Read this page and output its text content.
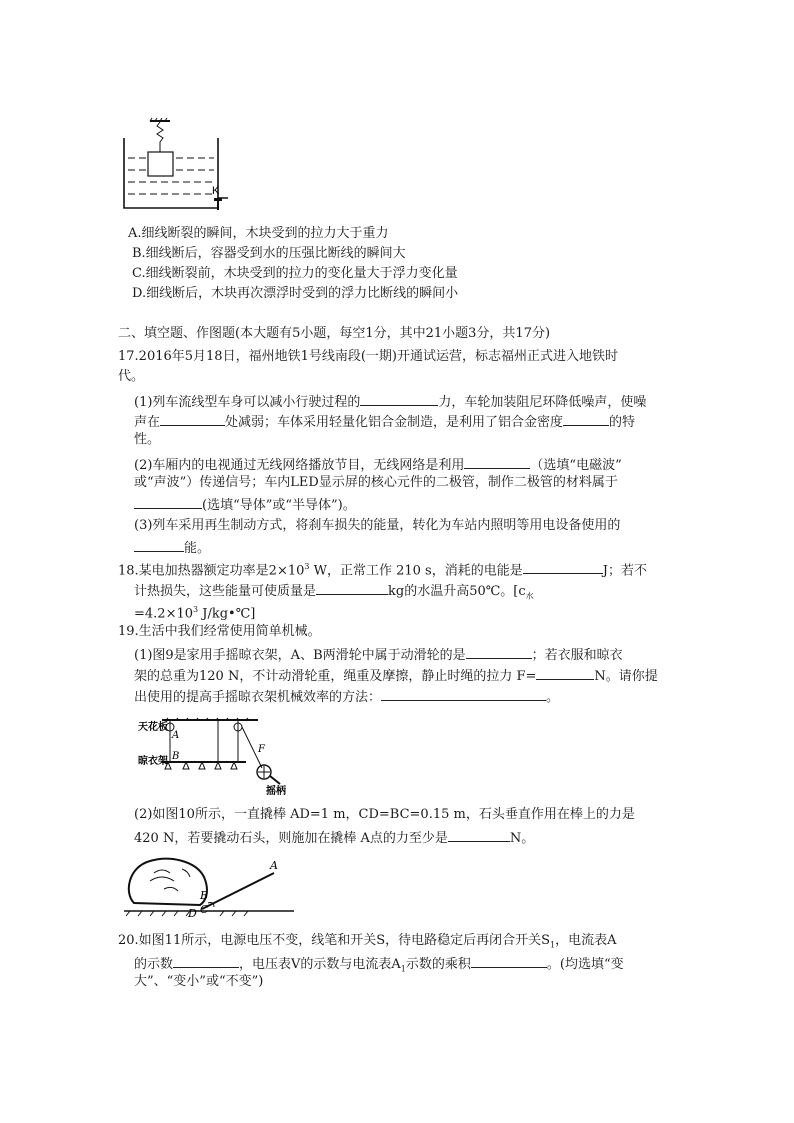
K
A.细线断裂的瞬间，木块受到的拉力大于重力
B.细线断后，容器受到水的压强比断线的瞬间大
C.细线断裂前，木块受到的拉力的变化量大于浮力变化量
D.细线断后，木块再次漂浮时受到的浮力比断线的瞬间小
二、填空题、作图题(本大题有5小题，每空1分，其中21小题3分，共17分)
17.2016年5月18日，福州地铁1号线南段(一期)开通试运营，标志福州正式进入地铁时
代。
(1)列车流线型车身可以减小行驶过程的	力，车轮加装阻尼环降低噪声，使噪
声在	处减弱；车体采用轻量化铝合金制造，是利用了铝合金密度	的特
性。
(2)车厢内的电视通过无线网络播放节目，无线网络是利用	（选填“电磁波”
或“声波”）传递信号；车内LED显示屏的核心元件的二极管，制作二极管的材料属于
(选填“导体”或“半导体”)。
(3)列车采用再生制动方式，将刹车损失的能量，转化为车站内照明等用电设备使用的
能。
18.某电加热器额定功率是$2\times 10^3$ W，正常工作 210 s，消耗的电能是	J；若不
计热损失，这些能量可使质量是	kg的水温升高50℃。[$c_水$
$=4.2\times 10^3$ J/kg•℃]
19.生活中我们经常使用简单机械。
(1)图9是家用手摇晾衣架，A、B两滑轮中属于动滑轮的是	；若衣服和晾衣
架的总重为120 N，不计动滑轮重，绳重及摩擦，静止时绳的拉力 F=	N。请你提
出使用的提高手摇晾衣架机械效率的方法：	。
天花板
晾衣架
摇柄
A
B
F
(2)如图10所示，一直撬棒 AD=1 m，CD=BC=0.15 m，石头垂直作用在棒上的力是
420 N，若要撬动石头，则施加在撬棒 A点的力至少是	N。
A
B
C
D
20.如图11所示，电源电压不变，线笔和开关S，待电路稳定后再闭合开关$S_1$，电流表A
的示数	，电压表V的示数与电流表$A_1$示数的乘积	。(均选填“变
大”、“变小”或“不变”)
